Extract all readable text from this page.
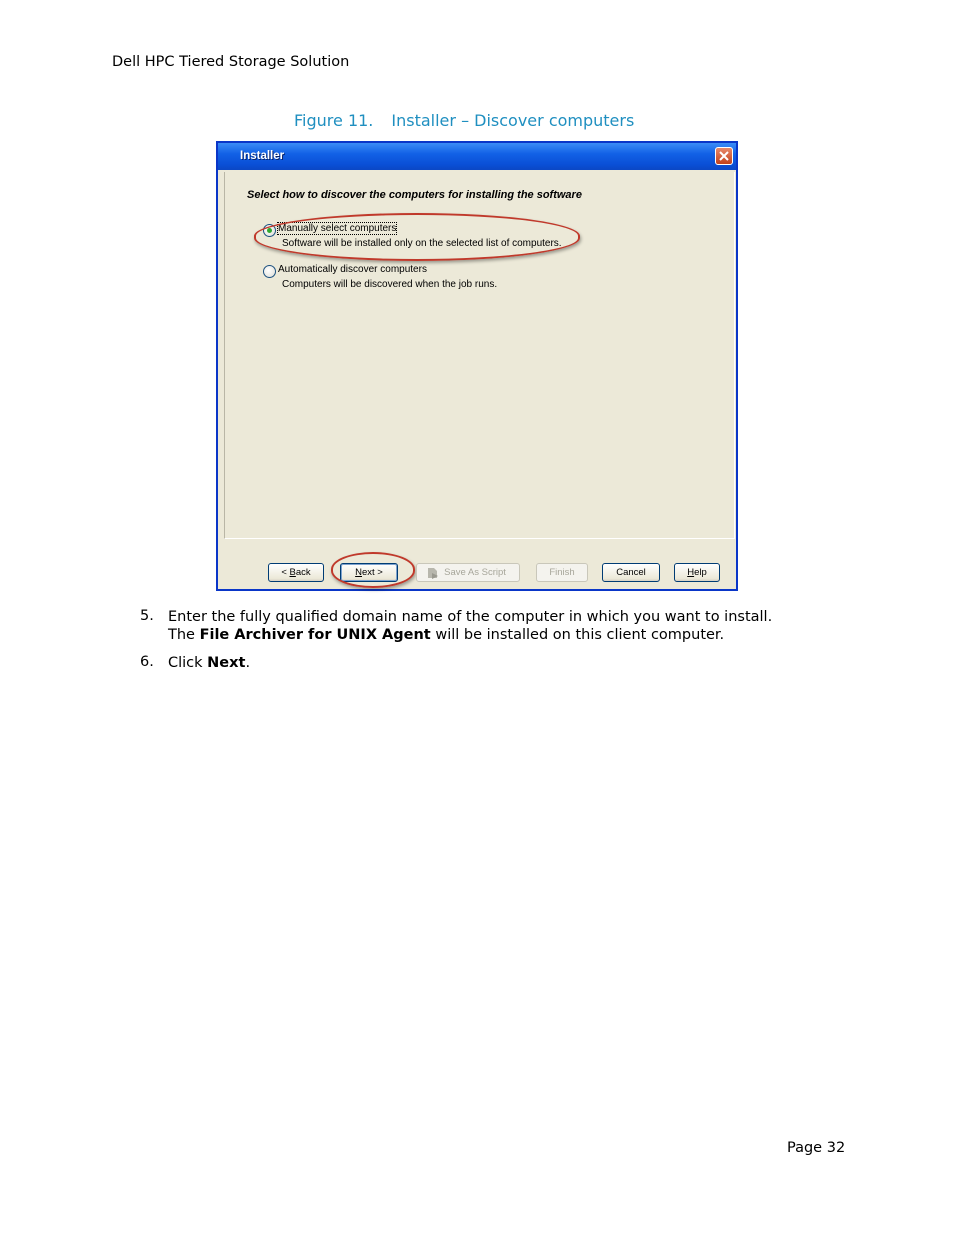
Dell HPC Tiered Storage Solution
Figure 11. Installer – Discover computers
Installer
Select how to discover the computers for installing the software
Manually select computers
Software will be installed only on the selected list of computers.
Automatically discover computers
Computers will be discovered when the job runs.
< Back	Next >	Save As Script	Finish	Cancel	Help
5. Enter the fully qualified domain name of the computer in which you want to install.
The File Archiver for UNIX Agent will be installed on this client computer.
6. Click Next.
Page 32
